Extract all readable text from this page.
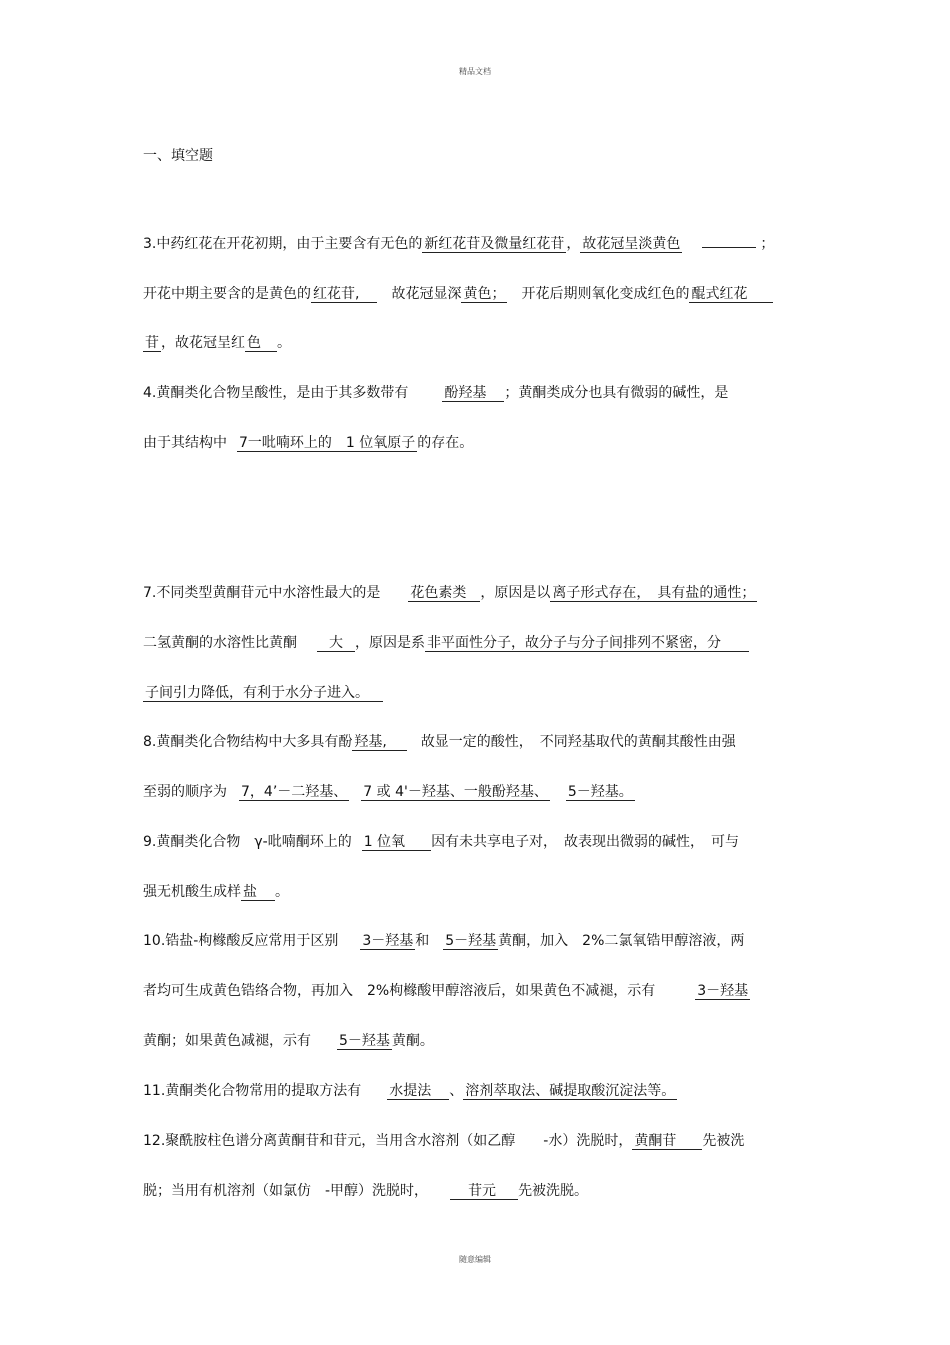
精品文档
一、填空题
3.中药红花在开花初期，由于主要含有无色的 新红花苷及微量红花苷 ， 故花冠呈淡黄色	；
开花中期主要含的是黄色的 红花苷, 故花冠显深 黄色； 开花后期则氧化变成红色的 醌式红花
苷 ，故花冠呈红 色 。
4.黄酮类化合物呈酸性，是由于其多数带有	酚羟基 ；黄酮类成分也具有微弱的碱性，是
由于其结构中 7一吡喃环上的　1 位氧原子 的存在。
7.不同类型黄酮苷元中水溶性最大的是 花色素类 ，原因是以 离子形式存在，　具有盐的通性；
二氢黄酮的水溶性比黄酮 大 ，原因是系 非平面性分子，故分子与分子间排列不紧密，分
子间引力降低，有利于水分子进入。
8.黄酮类化合物结构中大多具有酚 羟基, 故显一定的酸性，　不同羟基取代的黄酮其酸性由强
至弱的顺序为 7，4’－二羟基、 7 或 4'－羟基、一般酚羟基、 5－羟基。
9.黄酮类化合物　γ-吡喃酮环上的 1 位氧 因有未共享电子对，　故表现出微弱的碱性，　可与
强无机酸生成样 盐 。
10.锆盐-枸橼酸反应常用于区别 3－羟基 和 5－羟基 黄酮，加入　2%二氯氧锆甲醇溶液，两
者均可生成黄色锆络合物，再加入　2%枸橼酸甲醇溶液后，如果黄色不减褪，示有	3－羟基
黄酮；如果黄色减褪，示有 5－羟基 黄酮。
11.黄酮类化合物常用的提取方法有 水提法 、 溶剂萃取法、碱提取酸沉淀法等。
12.聚酰胺柱色谱分离黄酮苷和苷元，当用含水溶剂（如乙醇　　-水）洗脱时， 黄酮苷 先被洗
脱；当用有机溶剂（如氯仿　-甲醇）洗脱时，	苷元 先被洗脱。
随意编辑
